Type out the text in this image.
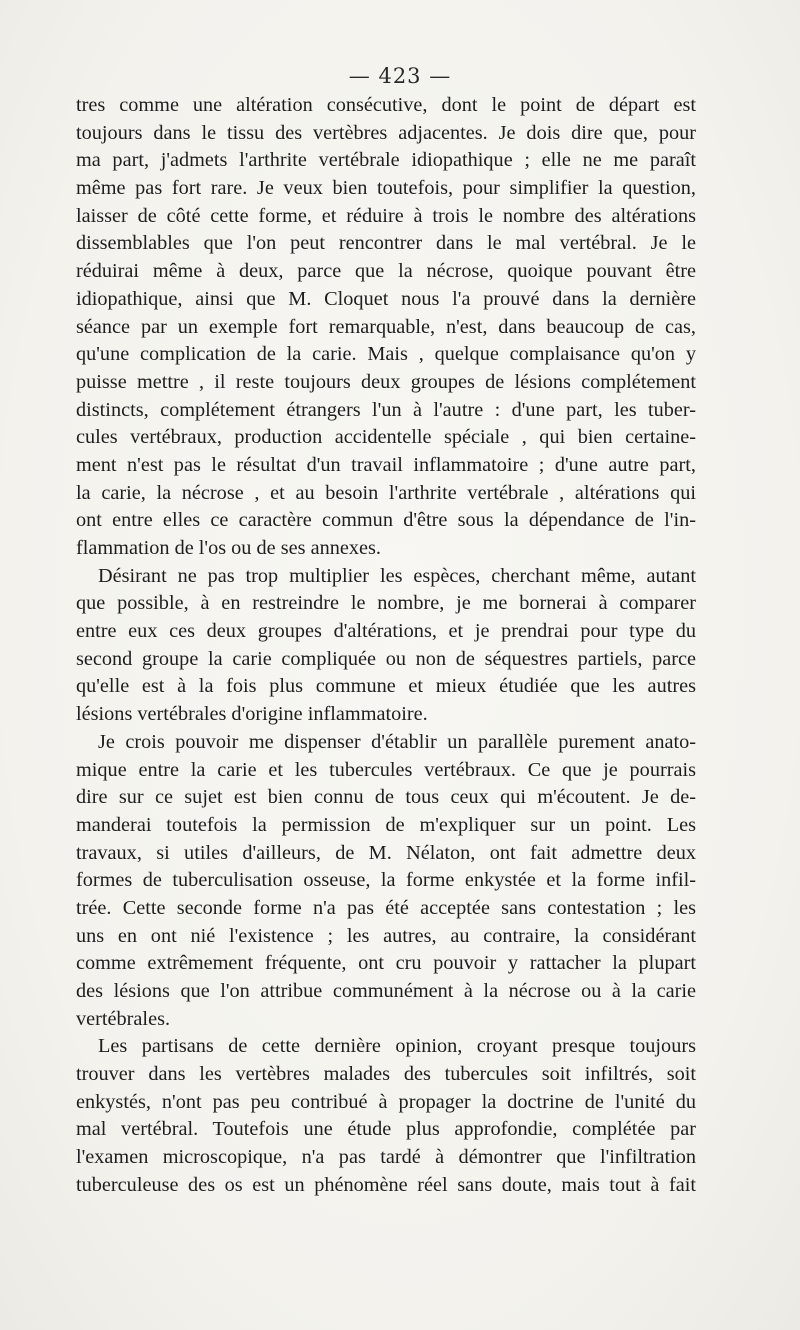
— 423 —
tres comme une altération consécutive, dont le point de départ est
toujours dans le tissu des vertèbres adjacentes. Je dois dire que, pour
ma part, j'admets l'arthrite vertébrale idiopathique ; elle ne me paraît
même pas fort rare. Je veux bien toutefois, pour simplifier la question,
laisser de côté cette forme, et réduire à trois le nombre des altérations
dissemblables que l'on peut rencontrer dans le mal vertébral. Je le
réduirai même à deux, parce que la nécrose, quoique pouvant être
idiopathique, ainsi que M. Cloquet nous l'a prouvé dans la dernière
séance par un exemple fort remarquable, n'est, dans beaucoup de cas,
qu'une complication de la carie. Mais , quelque complaisance qu'on y
puisse mettre , il reste toujours deux groupes de lésions complétement
distincts, complétement étrangers l'un à l'autre : d'une part, les tuber-
cules vertébraux, production accidentelle spéciale , qui bien certaine-
ment n'est pas le résultat d'un travail inflammatoire ; d'une autre part,
la carie, la nécrose , et au besoin l'arthrite vertébrale , altérations qui
ont entre elles ce caractère commun d'être sous la dépendance de l'in-
flammation de l'os ou de ses annexes.
Désirant ne pas trop multiplier les espèces, cherchant même, autant
que possible, à en restreindre le nombre, je me bornerai à comparer
entre eux ces deux groupes d'altérations, et je prendrai pour type du
second groupe la carie compliquée ou non de séquestres partiels, parce
qu'elle est à la fois plus commune et mieux étudiée que les autres
lésions vertébrales d'origine inflammatoire.
Je crois pouvoir me dispenser d'établir un parallèle purement anato-
mique entre la carie et les tubercules vertébraux. Ce que je pourrais
dire sur ce sujet est bien connu de tous ceux qui m'écoutent. Je de-
manderai toutefois la permission de m'expliquer sur un point. Les
travaux, si utiles d'ailleurs, de M. Nélaton, ont fait admettre deux
formes de tuberculisation osseuse, la forme enkystée et la forme infil-
trée. Cette seconde forme n'a pas été acceptée sans contestation ; les
uns en ont nié l'existence ; les autres, au contraire, la considérant
comme extrêmement fréquente, ont cru pouvoir y rattacher la plupart
des lésions que l'on attribue communément à la nécrose ou à la carie
vertébrales.
Les partisans de cette dernière opinion, croyant presque toujours
trouver dans les vertèbres malades des tubercules soit infiltrés, soit
enkystés, n'ont pas peu contribué à propager la doctrine de l'unité du
mal vertébral. Toutefois une étude plus approfondie, complétée par
l'examen microscopique, n'a pas tardé à démontrer que l'infiltration
tuberculeuse des os est un phénomène réel sans doute, mais tout à fait
